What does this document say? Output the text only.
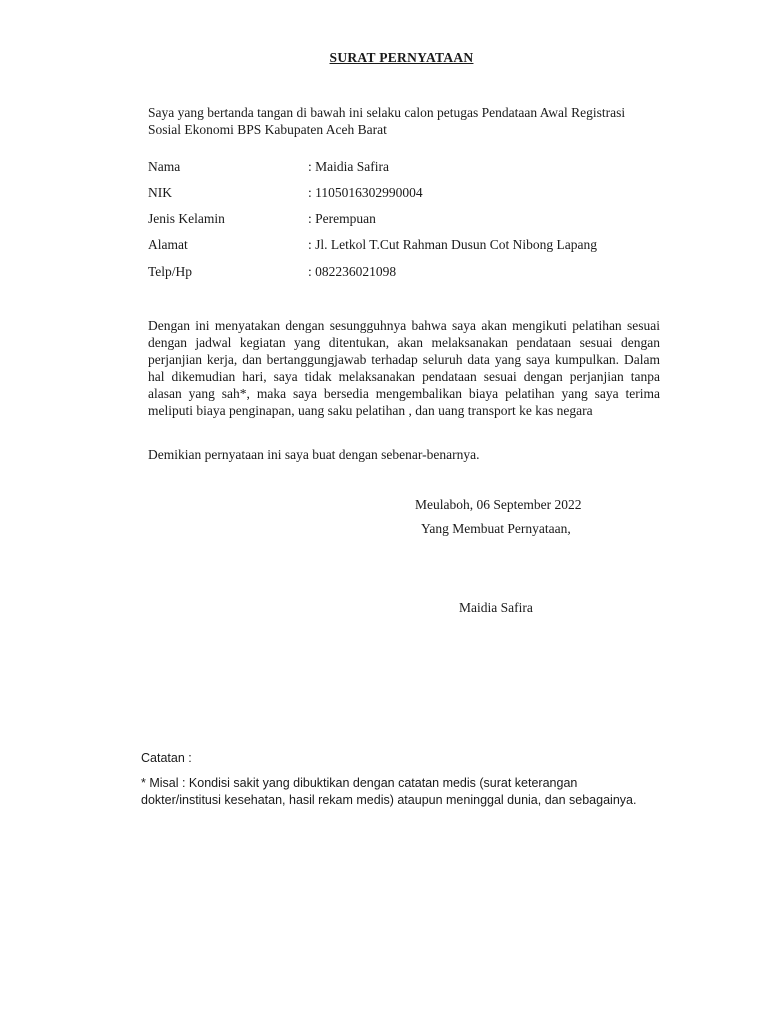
SURAT PERNYATAAN
Saya yang bertanda tangan di bawah ini selaku calon petugas Pendataan Awal Registrasi Sosial Ekonomi BPS Kabupaten Aceh Barat
Nama	: Maidia Safira
NIK	: 1105016302990004
Jenis Kelamin	: Perempuan
Alamat	: Jl. Letkol T.Cut Rahman Dusun Cot Nibong Lapang
Telp/Hp	: 082236021098
Dengan ini menyatakan dengan sesungguhnya bahwa saya akan mengikuti pelatihan sesuai dengan jadwal kegiatan yang ditentukan, akan melaksanakan pendataan sesuai dengan perjanjian kerja, dan bertanggungjawab terhadap seluruh data yang saya kumpulkan. Dalam hal dikemudian hari, saya tidak melaksanakan pendataan sesuai dengan perjanjian tanpa alasan yang sah*, maka saya bersedia mengembalikan biaya pelatihan yang saya terima meliputi biaya penginapan, uang saku pelatihan , dan uang transport ke kas negara
Demikian pernyataan ini saya buat dengan sebenar-benarnya.
Meulaboh, 06 September 2022
Yang Membuat Pernyataan,
Maidia Safira
Catatan :
* Misal : Kondisi sakit yang dibuktikan dengan catatan medis (surat keterangan dokter/institusi kesehatan, hasil rekam medis) ataupun meninggal dunia, dan sebagainya.
